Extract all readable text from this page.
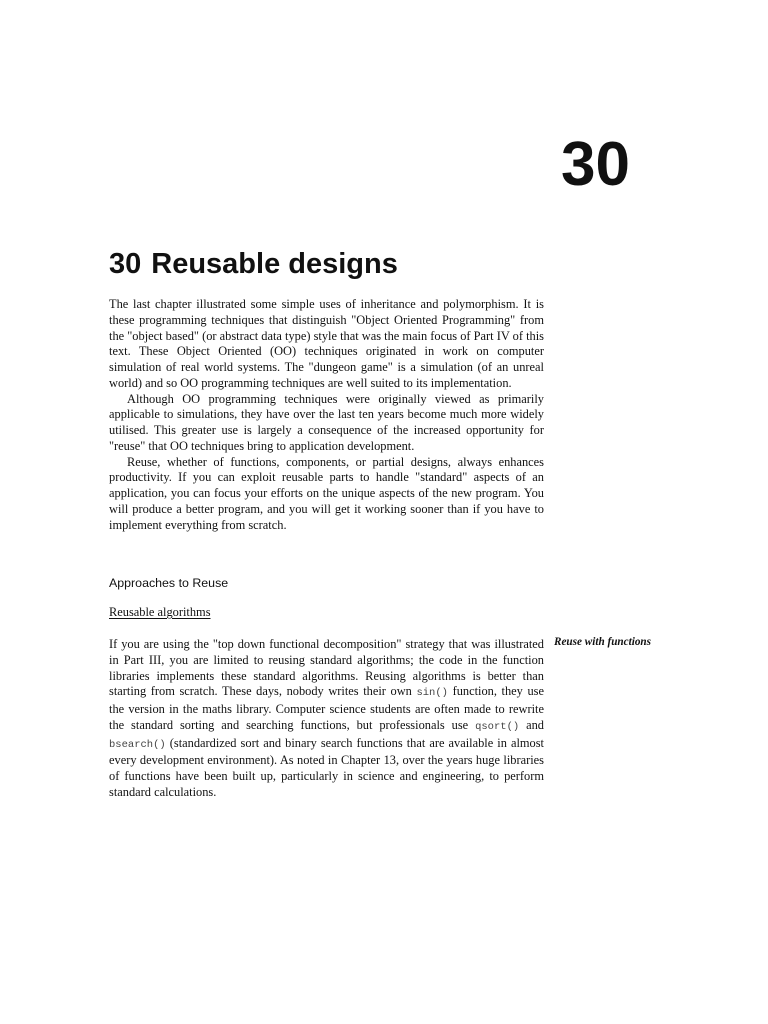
30
30 Reusable designs

The last chapter illustrated some simple uses of inheritance and polymorphism. It is these programming techniques that distinguish "Object Oriented Programming" from the "object based" (or abstract data type) style that was the main focus of Part IV of this text. These Object Oriented (OO) techniques originated in work on computer simulation of real world systems. The "dungeon game" is a simulation (of an unreal world) and so OO programming techniques are well suited to its implementation.

Although OO programming techniques were originally viewed as primarily applicable to simulations, they have over the last ten years become much more widely utilised. This greater use is largely a consequence of the increased opportunity for "reuse" that OO techniques bring to application development.

Reuse, whether of functions, components, or partial designs, always enhances productivity. If you can exploit reusable parts to handle "standard" aspects of an application, you can focus your efforts on the unique aspects of the new program. You will produce a better program, and you will get it working sooner than if you have to implement everything from scratch.

Approaches to Reuse
Reusable algorithms
Reuse with functions

If you are using the "top down functional decomposition" strategy that was illustrated in Part III, you are limited to reusing standard algorithms; the code in the function libraries implements these standard algorithms. Reusing algorithms is better than starting from scratch. These days, nobody writes their own sin() function, they use the version in the maths library. Computer science students are often made to rewrite the standard sorting and searching functions, but professionals use qsort() and bsearch() (standardized sort and binary search functions that are available in almost every development environment). As noted in Chapter 13, over the years huge libraries of functions have been built up, particularly in science and engineering, to perform standard calculations.
